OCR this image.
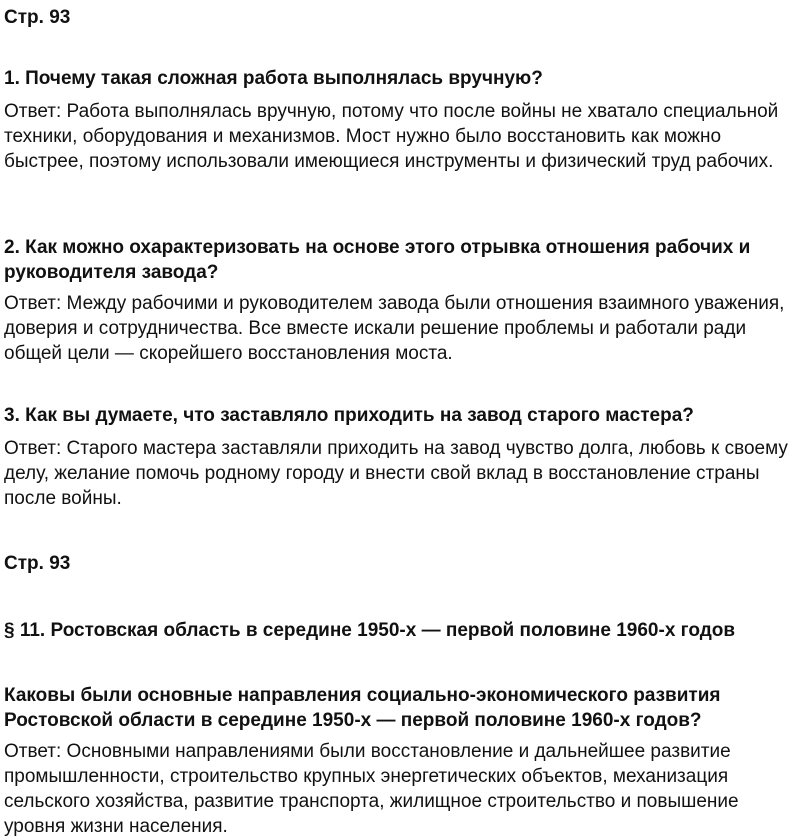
Стр. 93

1. Почему такая сложная работа выполнялась вручную?

Ответ: Работа выполнялась вручную, потому что после войны не хватало специальной техники, оборудования и механизмов. Мост нужно было восстановить как можно быстрее, поэтому использовали имеющиеся инструменты и физический труд рабочих.

2. Как можно охарактеризовать на основе этого отрывка отношения рабочих и руководителя завода?

Ответ: Между рабочими и руководителем завода были отношения взаимного уважения, доверия и сотрудничества. Все вместе искали решение проблемы и работали ради общей цели — скорейшего восстановления моста.

3. Как вы думаете, что заставляло приходить на завод старого мастера?

Ответ: Старого мастера заставляли приходить на завод чувство долга, любовь к своему делу, желание помочь родному городу и внести свой вклад в восстановление страны после войны.

Стр. 93

§ 11. Ростовская область в середине 1950-х — первой половине 1960-х годов

Каковы были основные направления социально-экономического развития Ростовской области в середине 1950-х — первой половине 1960-х годов?

Ответ: Основными направлениями были восстановление и дальнейшее развитие промышленности, строительство крупных энергетических объектов, механизация сельского хозяйства, развитие транспорта, жилищное строительство и повышение уровня жизни населения.
